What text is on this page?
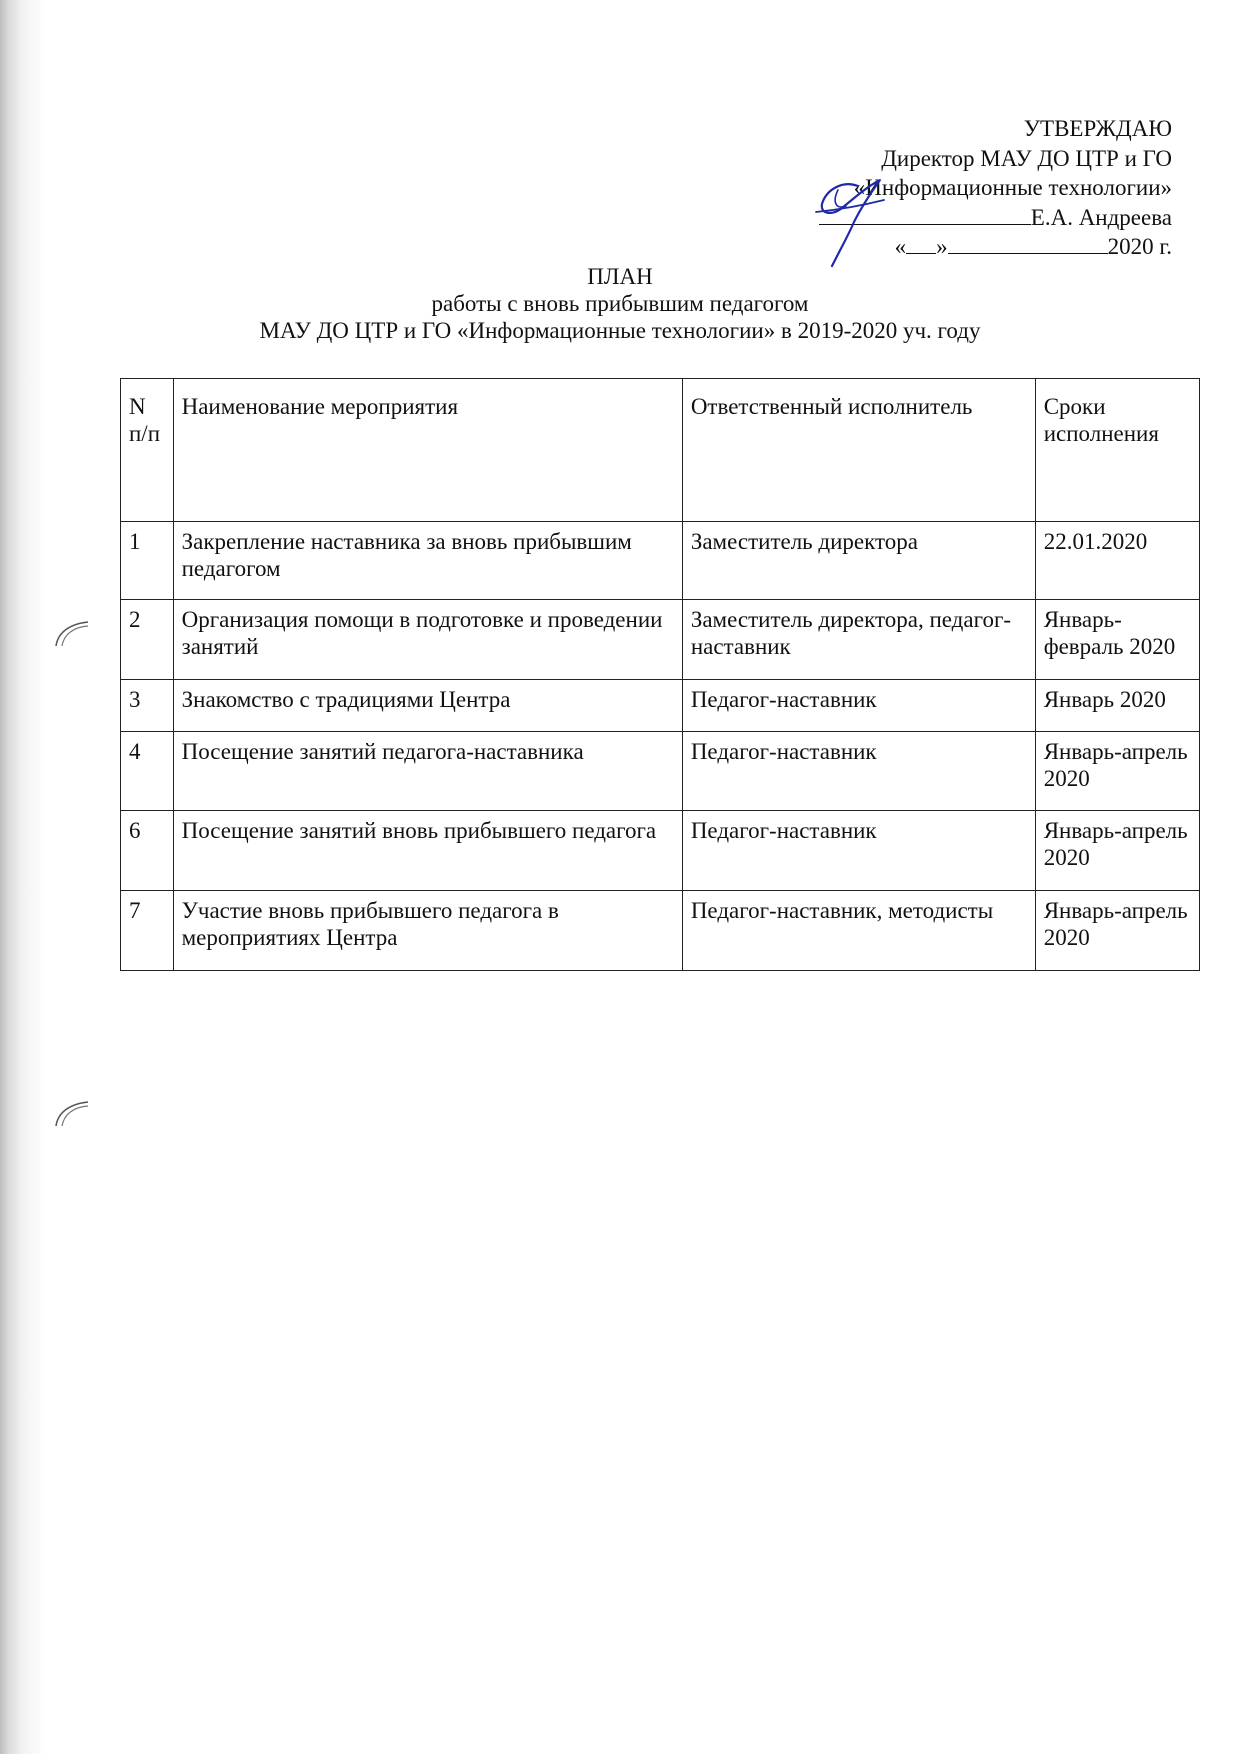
УТВЕРЖДАЮ
Директор МАУ ДО ЦТР и ГО
«Информационные технологии»
Е.А. Андреева
« »	2020 г.
ПЛАН
работы с вновь прибывшим педагогом
МАУ ДО ЦТР и ГО «Информационные технологии» в 2019-2020 уч. году
N п/п	Наименование мероприятия	Ответственный исполнитель	Сроки исполнения
1	Закрепление наставника за вновь прибывшим педагогом	Заместитель директора	22.01.2020
2	Организация помощи в подготовке и проведении занятий	Заместитель директора, педагог-наставник	Январь-февраль 2020
3	Знакомство с традициями Центра	Педагог-наставник	Январь 2020
4	Посещение занятий педагога-наставника	Педагог-наставник	Январь-апрель 2020
6	Посещение занятий вновь прибывшего педагога	Педагог-наставник	Январь-апрель 2020
7	Участие вновь прибывшего педагога в мероприятиях Центра	Педагог-наставник, методисты	Январь-апрель 2020
